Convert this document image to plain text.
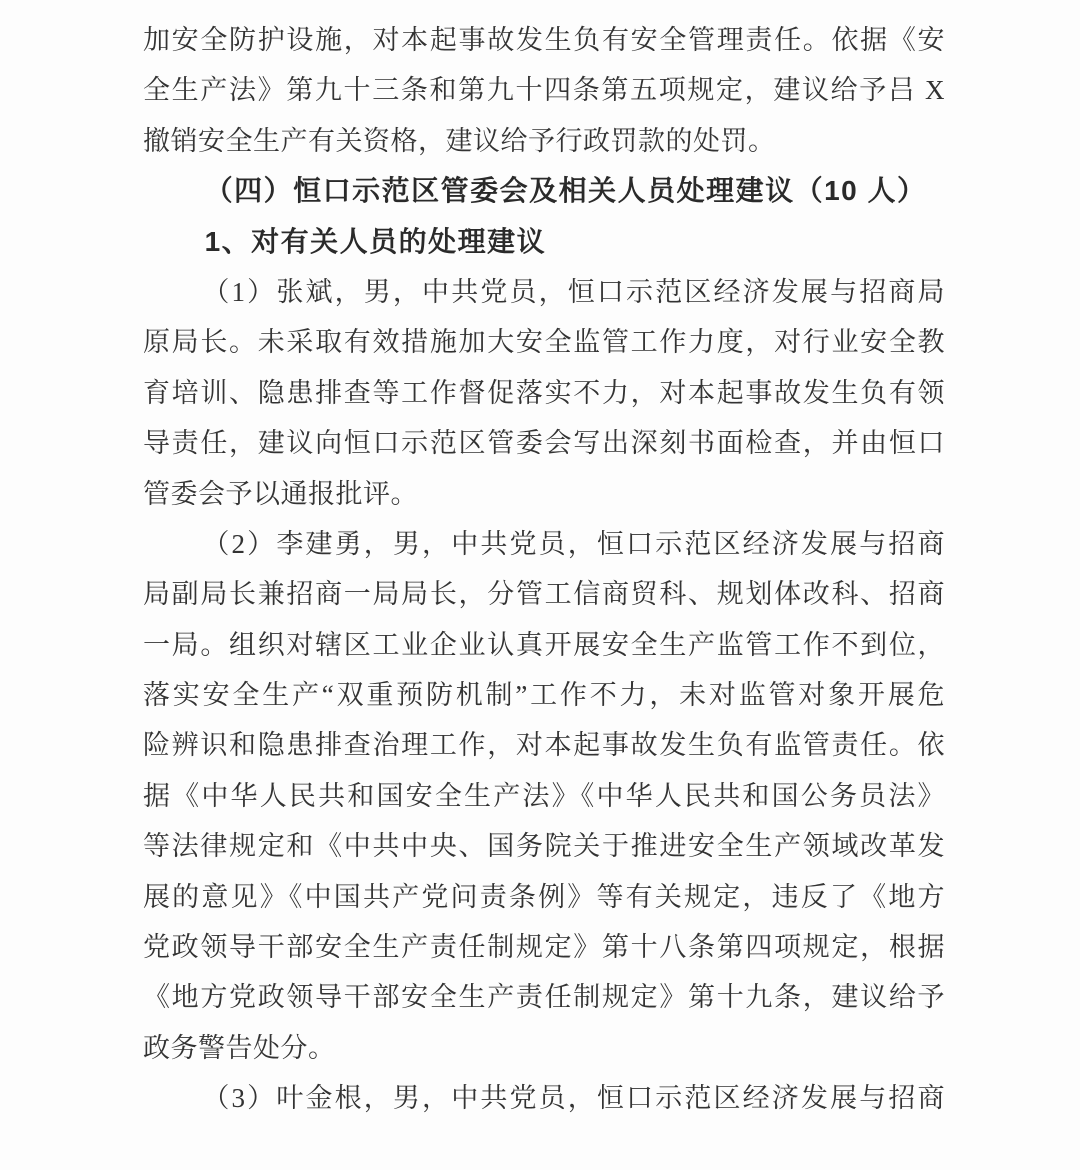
加安全防护设施，对本起事故发生负有安全管理责任。依据《安
全生产法》第九十三条和第九十四条第五项规定，建议给予吕 X
撤销安全生产有关资格，建议给予行政罚款的处罚。
（四）恒口示范区管委会及相关人员处理建议（10 人）
1、对有关人员的处理建议
（1）张斌，男，中共党员，恒口示范区经济发展与招商局
原局长。未采取有效措施加大安全监管工作力度，对行业安全教
育培训、隐患排查等工作督促落实不力，对本起事故发生负有领
导责任，建议向恒口示范区管委会写出深刻书面检查，并由恒口
管委会予以通报批评。
（2）李建勇，男，中共党员，恒口示范区经济发展与招商
局副局长兼招商一局局长，分管工信商贸科、规划体改科、招商
一局。组织对辖区工业企业认真开展安全生产监管工作不到位，
落实安全生产“双重预防机制”工作不力，未对监管对象开展危
险辨识和隐患排查治理工作，对本起事故发生负有监管责任。依
据《中华人民共和国安全生产法》《中华人民共和国公务员法》
等法律规定和《中共中央、国务院关于推进安全生产领域改革发
展的意见》《中国共产党问责条例》等有关规定，违反了《地方
党政领导干部安全生产责任制规定》第十八条第四项规定，根据
《地方党政领导干部安全生产责任制规定》第十九条，建议给予
政务警告处分。
（3）叶金根，男，中共党员，恒口示范区经济发展与招商
